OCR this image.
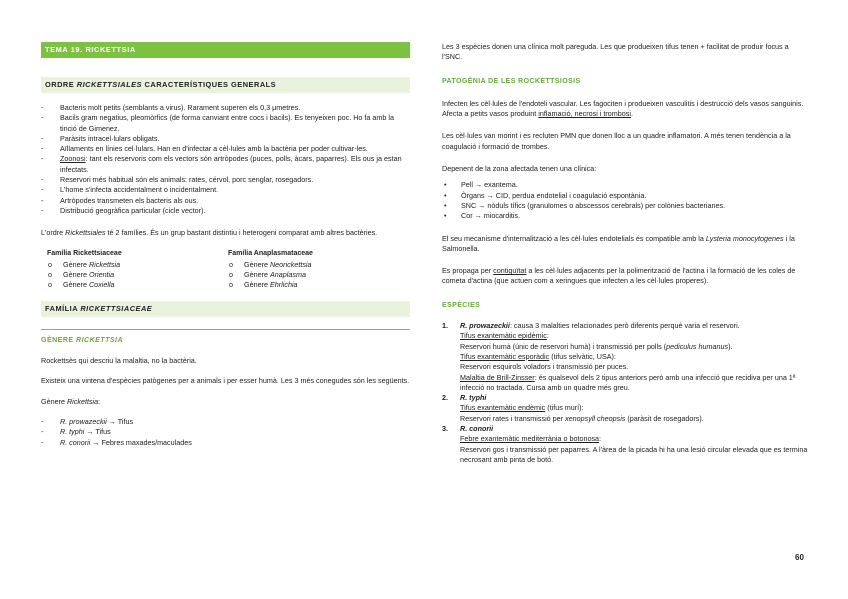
TEMA 19. RICKETTSIA
ORDRE RICKETTSIALES CARACTERÍSTIQUES GENERALS
- Bacteris molt petits (semblants a virus). Rarament superen els 0,3 μmetres.
- Bacils gram negatius, pleomòrfics (de forma canviant entre cocs i bacils). Es tenyeixen poc. Ho fa amb la tinció de Gimenez.
- Paràsits intracel·lulars obligats.
- Aïllaments en línies cel·lulars. Han en d'infectar a cèl·lules amb la bactèria per poder cultivar-les.
- Zoonosi: tant els reservoris com els vectors són artròpodes (puces, polls, àcars, paparres). Els ous ja estan infectats.
- Reservori més habitual són els animals: rates, cérvol, porc senglar, rosegadors.
- L'home s'infecta accidentalment o incidentalment.
- Artròpodes transmeten els bacteris als ous.
- Distribució geogràfica particular (cicle vector).

L'ordre Rickettsiales té 2 famílies. És un grup bastant distintiu i heterogeni comparat amb altres bactèries.

Família Rickettsiaceae
o Gènere Rickettsia
o Gènere Orientia
o Gènere Coxiella
Família Anaplasmataceae
o Gènere Neorickettsia
o Gènere Anaplasma
o Gènere Ehrlichia
FAMÍLIA RICKETTSIACEAE
GÈNERE RICKETTSIA

Rockettsès qui descriu la malaltia, no la bactèria.

Existeix una vintena d'espècies patògenes per a animals i per esser humà. Les 3 més conegudes són les següents.

Gènere Rickettsia:

- R. prowazeckii → Tifus
- R. typhi → Tifus
- R. conorii → Febres maxades/maculades

Les 3 espècies donen una clínica molt pareguda. Les que produeixen tifus tenen + facilitat de produir focus a l'SNC.

PATOGÈNIA DE LES ROCKETTSIOSIS

Infecten les cèl·lules de l'endoteli vascular. Les fagociten i produeixen vasculitis i destrucció dels vasos sanguinis. Afecta a petits vasos produint inflamació, necrosi i trombosi.

Les cèl·lules van morint i es recluten PMN que donen lloc a un quadre inflamatori. A més tenen tendència a la coagulació i formació de trombes.

Depenent de la zona afectada tenen una clínica:

• Pell → exantema.
• Òrgans → CID, perdua endotelial i coagulació espontània.
• SNC → nòduls tífics (granulomes o abscessos cerebrals) per colònies bacterianes.
• Cor → miocarditis.

El seu mecanisme d'internalització a les cèl·lules endotelials és compatible amb la Lysteria monocytogenes i la Salmonella.

Es propaga per contiguïtat a les cèl·lules adjacents per la polimerització de l'actina i la formació de les coles de cometa d'actina (que actuen com a xeringues que infecten a les cèl·lules properes).

ESPÈCIES
1. R. prowazeckii: causa 3 malalties relacionades però diferents perquè varia el reservori.
Tifus exantemàtic epidèmic:
Reservori humà (únic de reservori humà) i transmissió per polls (pediculus humanus).
Tifus exantemàtic esporàdic (tifus selvàtic, USA):
Reservori esquirols voladors i transmissió per puces.
Malaltia de Brill-Zinsser: és qualsevol dels 2 tipus anteriors però amb una infecció que recidiva per una 1ª infecció no tractada. Cursa amb un quadre més greu.
2. R. typhi
Tifus exantemàtic endèmic (tifus murí):
Reservori rates i transmissió per xenopsyll cheopsis (paràsit de rosegadors).
3. R. conorii
Febre exantemàtic mediterrània o botonosa:
Reservori gos i transmissió per paparres. A l'àrea de la picada hi ha una lesió circular elevada que es termina necrosant amb pinta de botó.
60
